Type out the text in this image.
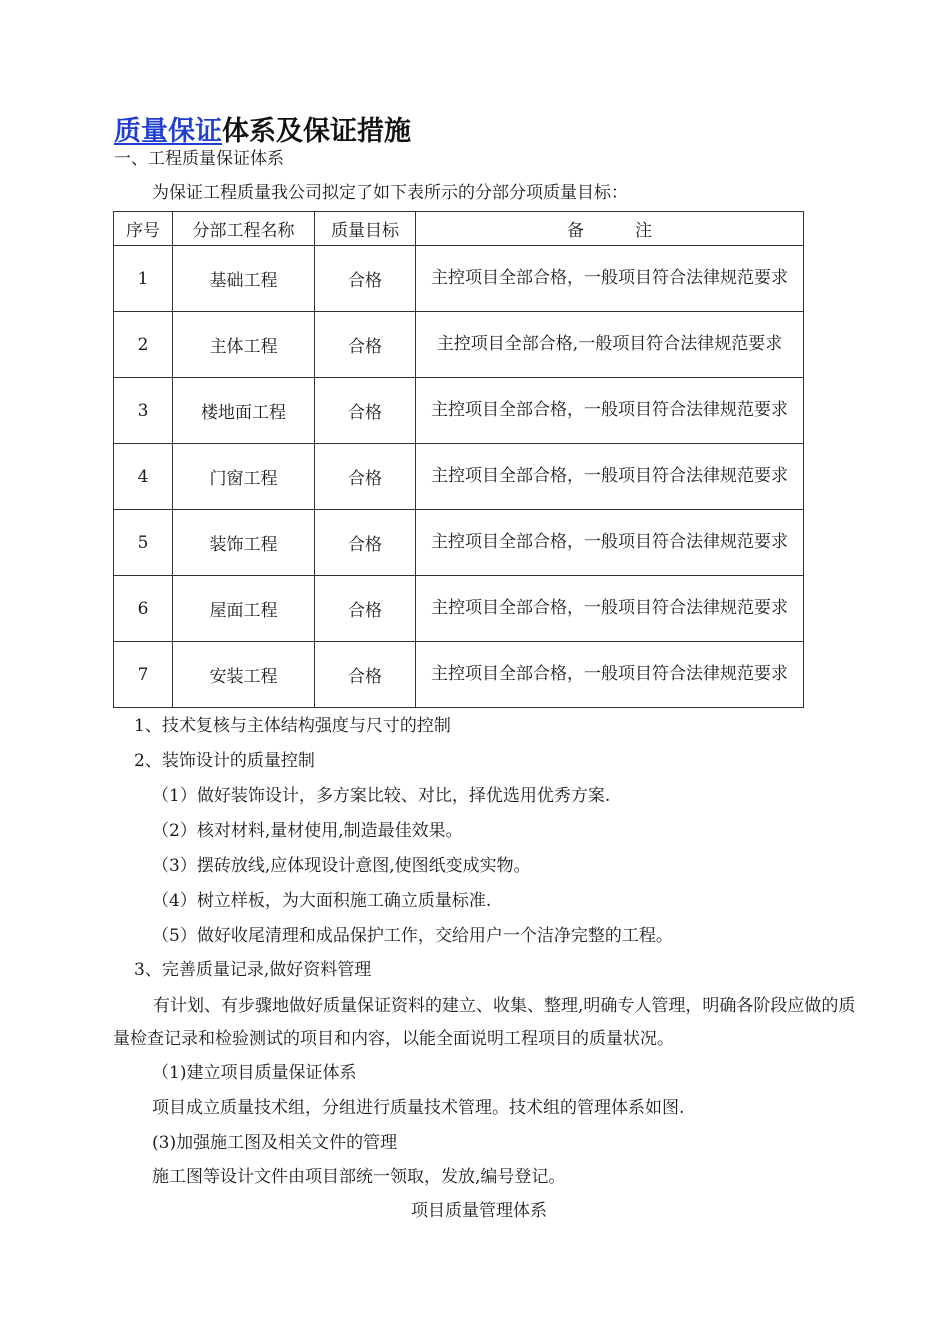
质量保证体系及保证措施

一、工程质量保证体系

为保证工程质量我公司拟定了如下表所示的分部分项质量目标：

序号	分部工程名称	质量目标	备　　　注
1	基础工程	合格	主控项目全部合格，一般项目符合法律规范要求
2	主体工程	合格	主控项目全部合格,一般项目符合法律规范要求
3	楼地面工程	合格	主控项目全部合格，一般项目符合法律规范要求
4	门窗工程	合格	主控项目全部合格，一般项目符合法律规范要求
5	装饰工程	合格	主控项目全部合格，一般项目符合法律规范要求
6	屋面工程	合格	主控项目全部合格，一般项目符合法律规范要求
7	安装工程	合格	主控项目全部合格，一般项目符合法律规范要求

1、技术复核与主体结构强度与尺寸的控制

2、装饰设计的质量控制

（1）做好装饰设计，多方案比较、对比，择优选用优秀方案.

（2）核对材料,量材使用,制造最佳效果。

（3）摆砖放线,应体现设计意图,使图纸变成实物。

（4）树立样板，为大面积施工确立质量标准.

（5）做好收尾清理和成品保护工作，交给用户一个洁净完整的工程。

3、完善质量记录,做好资料管理

有计划、有步骤地做好质量保证资料的建立、收集、整理,明确专人管理，明确各阶段应做的质量检查记录和检验测试的项目和内容，以能全面说明工程项目的质量状况。

（1)建立项目质量保证体系

项目成立质量技术组，分组进行质量技术管理。技术组的管理体系如图.

(3)加强施工图及相关文件的管理

施工图等设计文件由项目部统一领取，发放,编号登记。

项目质量管理体系
